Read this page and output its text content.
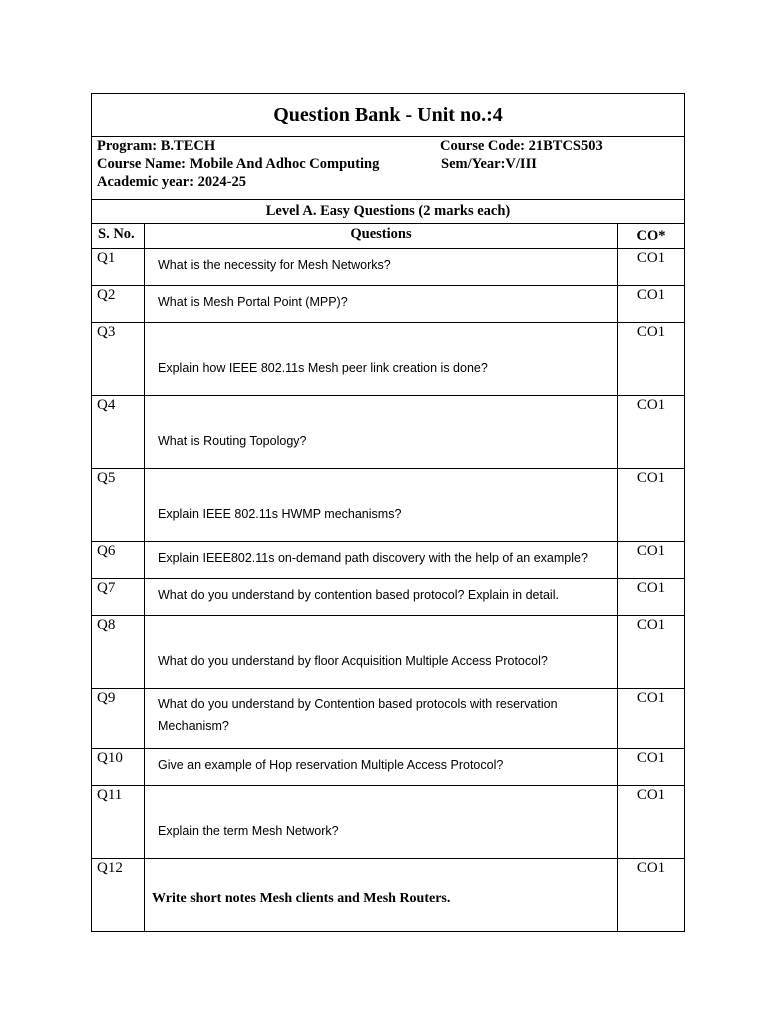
Question Bank - Unit no.:4
Program: B.TECH
Course Name: Mobile And Adhoc Computing
Academic year: 2024-25
Course Code: 21BTCS503
Sem/Year:V/III
Level A. Easy Questions (2 marks each)
S. No.	Questions	CO*
Q1	What is the necessity for Mesh Networks?	CO1
Q2	What is Mesh Portal Point (MPP)?	CO1
Q3
Explain how IEEE 802.11s Mesh peer link creation is done?
CO1
Q4
What is Routing Topology?
CO1
Q5
Explain IEEE 802.11s HWMP mechanisms?
CO1
Q6	Explain IEEE802.11s on-demand path discovery with the help of an example?	CO1
Q7	What do you understand by contention based protocol? Explain in detail.	CO1
Q8
What do you understand by floor Acquisition Multiple Access Protocol?
CO1
Q9	What do you understand by Contention based protocols with reservation Mechanism?
CO1
Q10	Give an example of Hop reservation Multiple Access Protocol?	CO1
Q11
Explain the term Mesh Network?
CO1
Q12
Write short notes Mesh clients and Mesh Routers.
CO1
